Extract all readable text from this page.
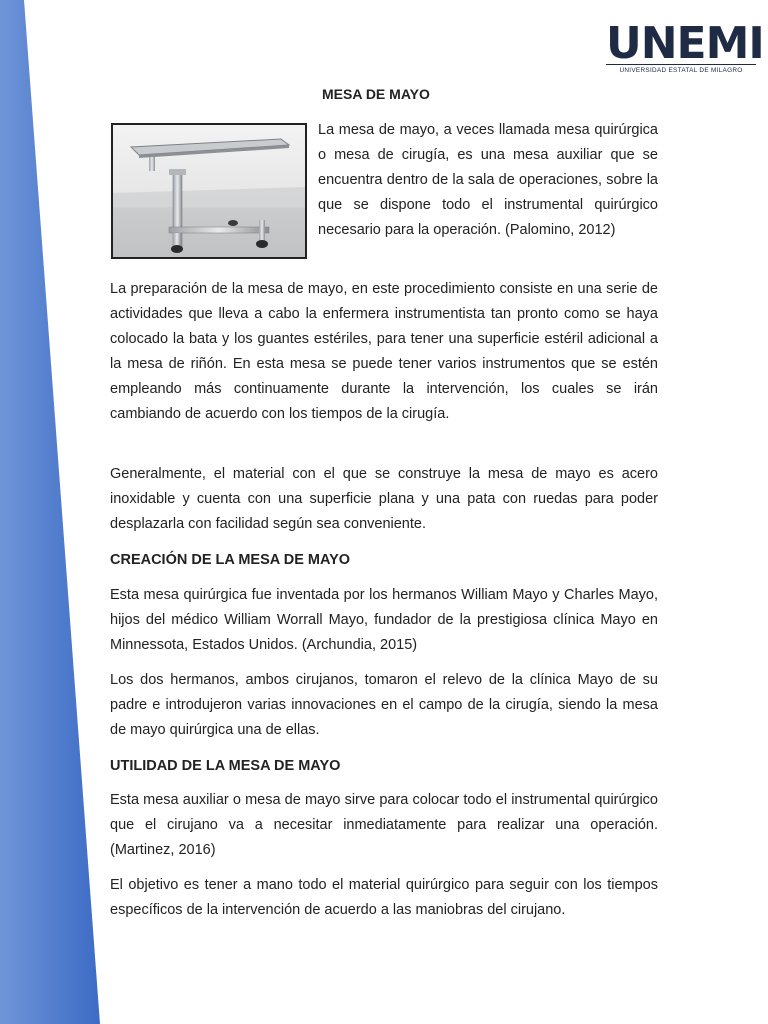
UNEMI
UNIVERSIDAD ESTATAL DE MILAGRO
MESA DE MAYO

La mesa de mayo, a veces llamada mesa quirúrgica o mesa de cirugía, es una mesa auxiliar que se encuentra dentro de la sala de operaciones, sobre la que se dispone todo el instrumental quirúrgico necesario para la operación. (Palomino, 2012)

La preparación de la mesa de mayo, en este procedimiento consiste en una serie de actividades que lleva a cabo la enfermera instrumentista tan pronto como se haya colocado la bata y los guantes estériles, para tener una superficie estéril adicional a la mesa de riñón. En esta mesa se puede tener varios instrumentos que se estén empleando más continuamente durante la intervención, los cuales se irán cambiando de acuerdo con los tiempos de la cirugía.

Generalmente, el material con el que se construye la mesa de mayo es acero inoxidable y cuenta con una superficie plana y una pata con ruedas para poder desplazarla con facilidad según sea conveniente.

CREACIÓN DE LA MESA DE MAYO

Esta mesa quirúrgica fue inventada por los hermanos William Mayo y Charles Mayo, hijos del médico William Worrall Mayo, fundador de la prestigiosa clínica Mayo en Minnessota, Estados Unidos. (Archundia, 2015)

Los dos hermanos, ambos cirujanos, tomaron el relevo de la clínica Mayo de su padre e introdujeron varias innovaciones en el campo de la cirugía, siendo la mesa de mayo quirúrgica una de ellas.

UTILIDAD DE LA MESA DE MAYO

Esta mesa auxiliar o mesa de mayo sirve para colocar todo el instrumental quirúrgico que el cirujano va a necesitar inmediatamente para realizar una operación. (Martinez, 2016)

El objetivo es tener a mano todo el material quirúrgico para seguir con los tiempos específicos de la intervención de acuerdo a las maniobras del cirujano.
